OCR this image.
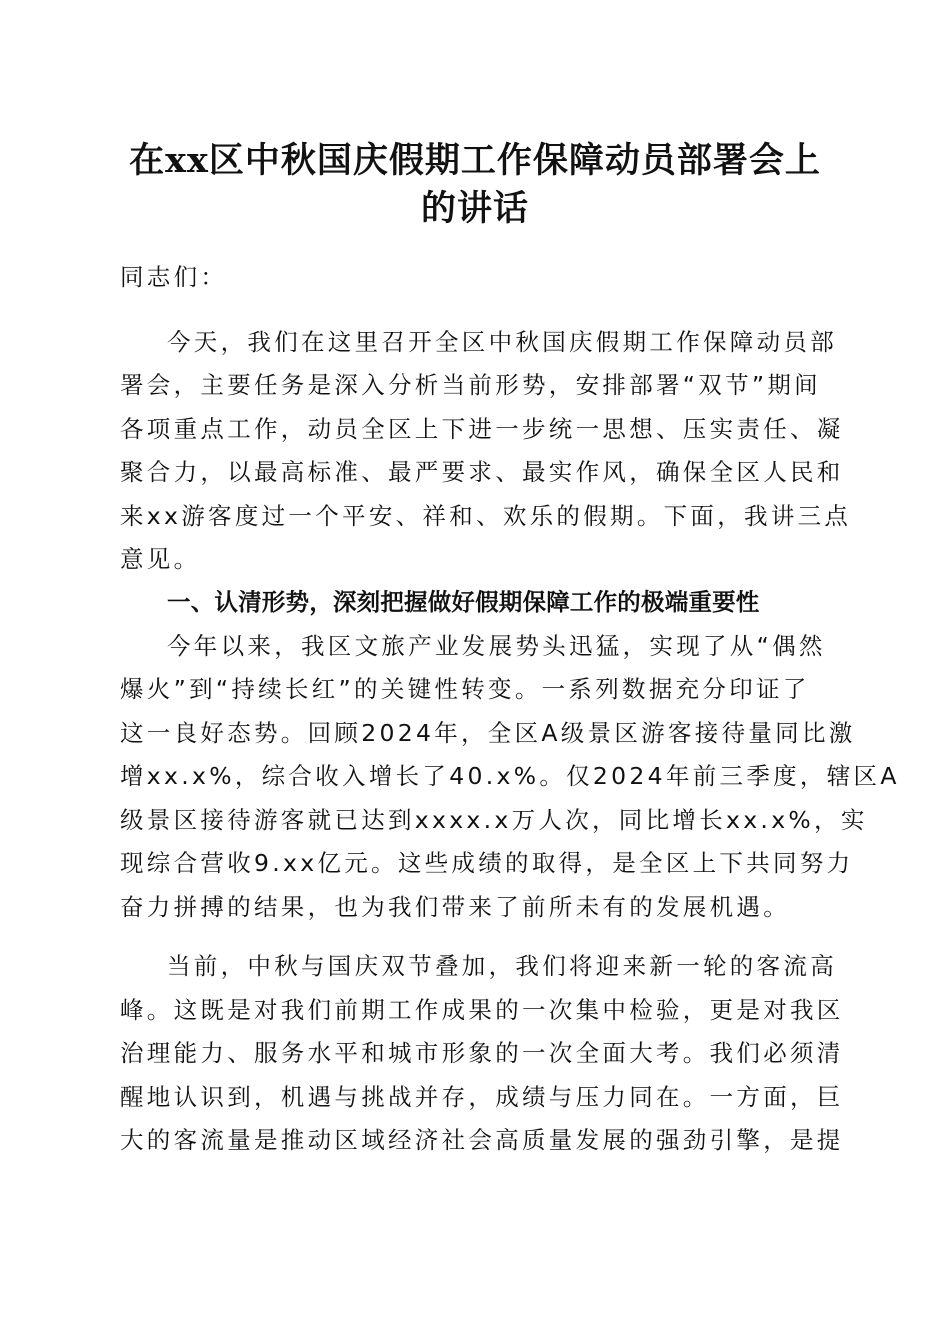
在xx区中秋国庆假期工作保障动员部署会上
的讲话
同志们：
今天，我们在这里召开全区中秋国庆假期工作保障动员部
署会，主要任务是深入分析当前形势，安排部署“双节”期间
各项重点工作，动员全区上下进一步统一思想、压实责任、凝
聚合力，以最高标准、最严要求、最实作风，确保全区人民和
来xx游客度过一个平安、祥和、欢乐的假期。下面，我讲三点
意见。
一、认清形势，深刻把握做好假期保障工作的极端重要性
今年以来，我区文旅产业发展势头迅猛，实现了从“偶然
爆火”到“持续长红”的关键性转变。一系列数据充分印证了
这一良好态势。回顾2024年，全区A级景区游客接待量同比激
增xx.x%，综合收入增长了40.x%。仅2024年前三季度，辖区A
级景区接待游客就已达到xxxx.x万人次，同比增长xx.x%，实
现综合营收9.xx亿元。这些成绩的取得，是全区上下共同努力
奋力拼搏的结果，也为我们带来了前所未有的发展机遇。
当前，中秋与国庆双节叠加，我们将迎来新一轮的客流高
峰。这既是对我们前期工作成果的一次集中检验，更是对我区
治理能力、服务水平和城市形象的一次全面大考。我们必须清
醒地认识到，机遇与挑战并存，成绩与压力同在。一方面，巨
大的客流量是推动区域经济社会高质量发展的强劲引擎，是提
